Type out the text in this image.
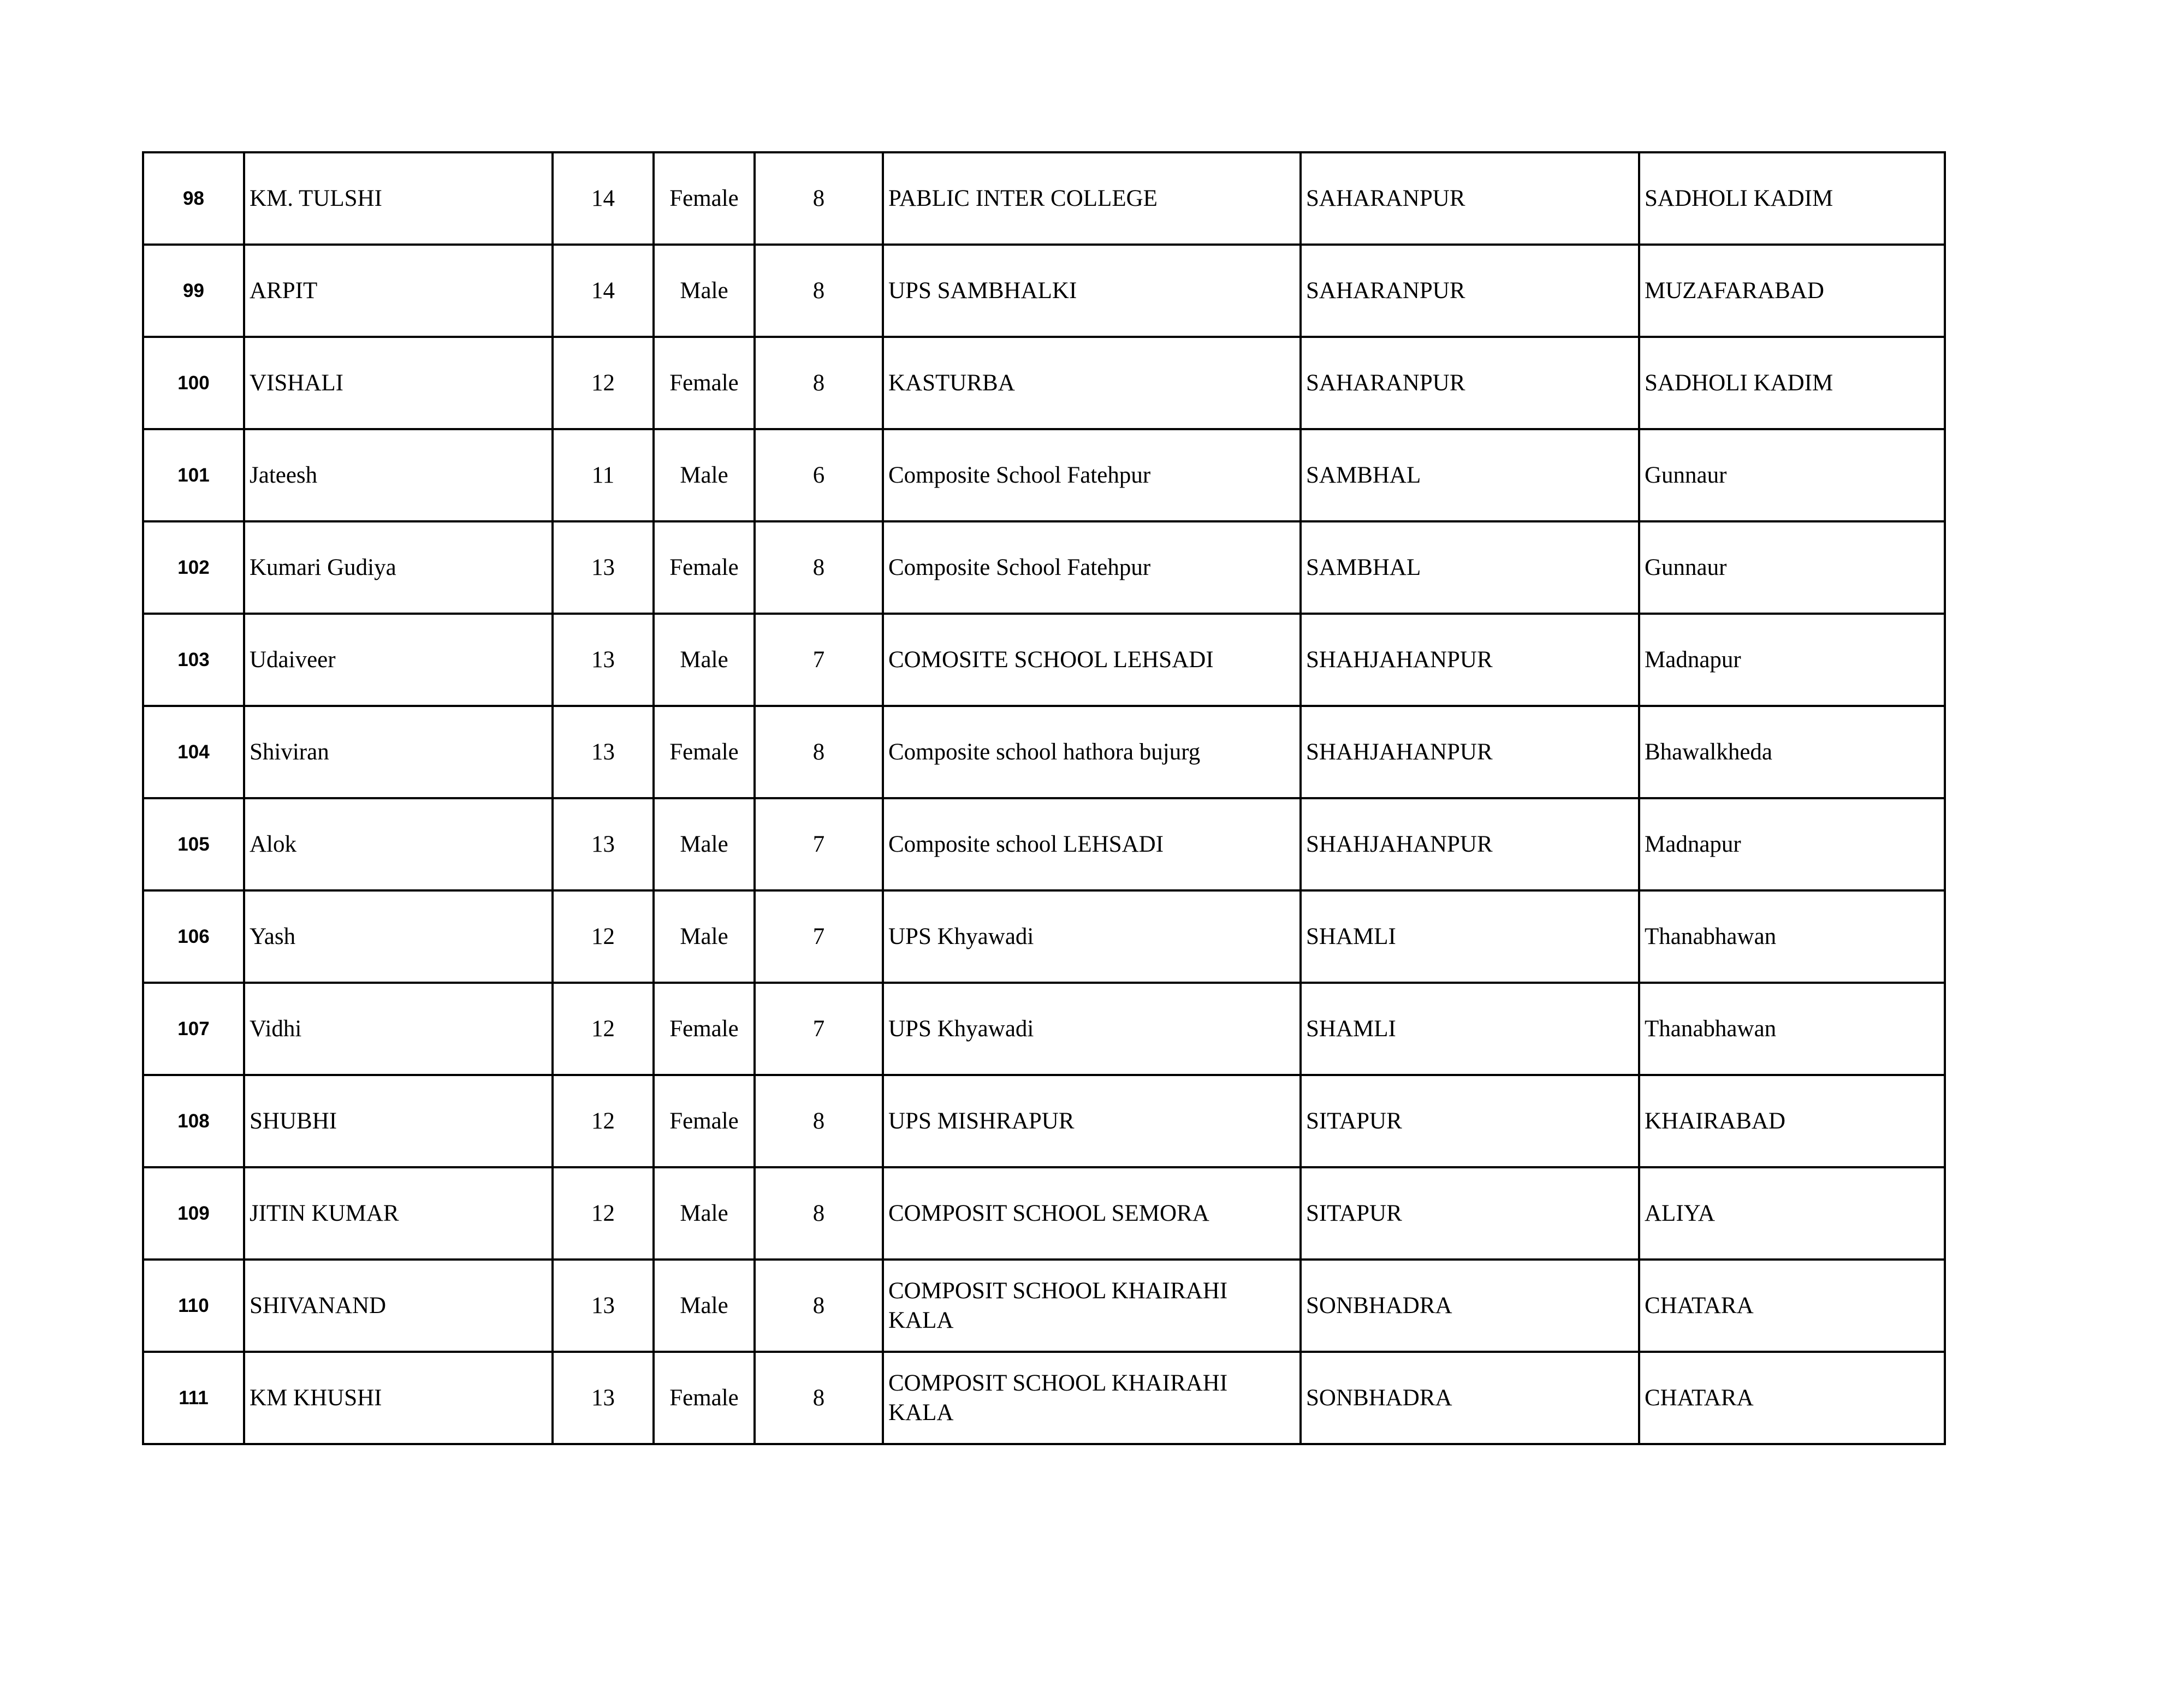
98	KM. TULSHI	14	Female	8	PABLIC INTER COLLEGE	SAHARANPUR	SADHOLI KADIM
99	ARPIT	14	Male	8	UPS SAMBHALKI	SAHARANPUR	MUZAFARABAD
100	VISHALI	12	Female	8	KASTURBA	SAHARANPUR	SADHOLI KADIM
101	Jateesh	11	Male	6	Composite School Fatehpur	SAMBHAL	Gunnaur
102	Kumari Gudiya	13	Female	8	Composite School Fatehpur	SAMBHAL	Gunnaur
103	Udaiveer	13	Male	7	COMOSITE SCHOOL LEHSADI	SHAHJAHANPUR	Madnapur
104	Shiviran	13	Female	8	Composite school hathora bujurg	SHAHJAHANPUR	Bhawalkheda
105	Alok	13	Male	7	Composite school LEHSADI	SHAHJAHANPUR	Madnapur
106	Yash	12	Male	7	UPS Khyawadi	SHAMLI	Thanabhawan
107	Vidhi	12	Female	7	UPS Khyawadi	SHAMLI	Thanabhawan
108	SHUBHI	12	Female	8	UPS MISHRAPUR	SITAPUR	KHAIRABAD
109	JITIN KUMAR	12	Male	8	COMPOSIT SCHOOL SEMORA	SITAPUR	ALIYA
110	SHIVANAND	13	Male	8	COMPOSIT SCHOOL KHAIRAHI KALA	SONBHADRA	CHATARA
111	KM KHUSHI	13	Female	8	COMPOSIT SCHOOL KHAIRAHI KALA	SONBHADRA	CHATARA
